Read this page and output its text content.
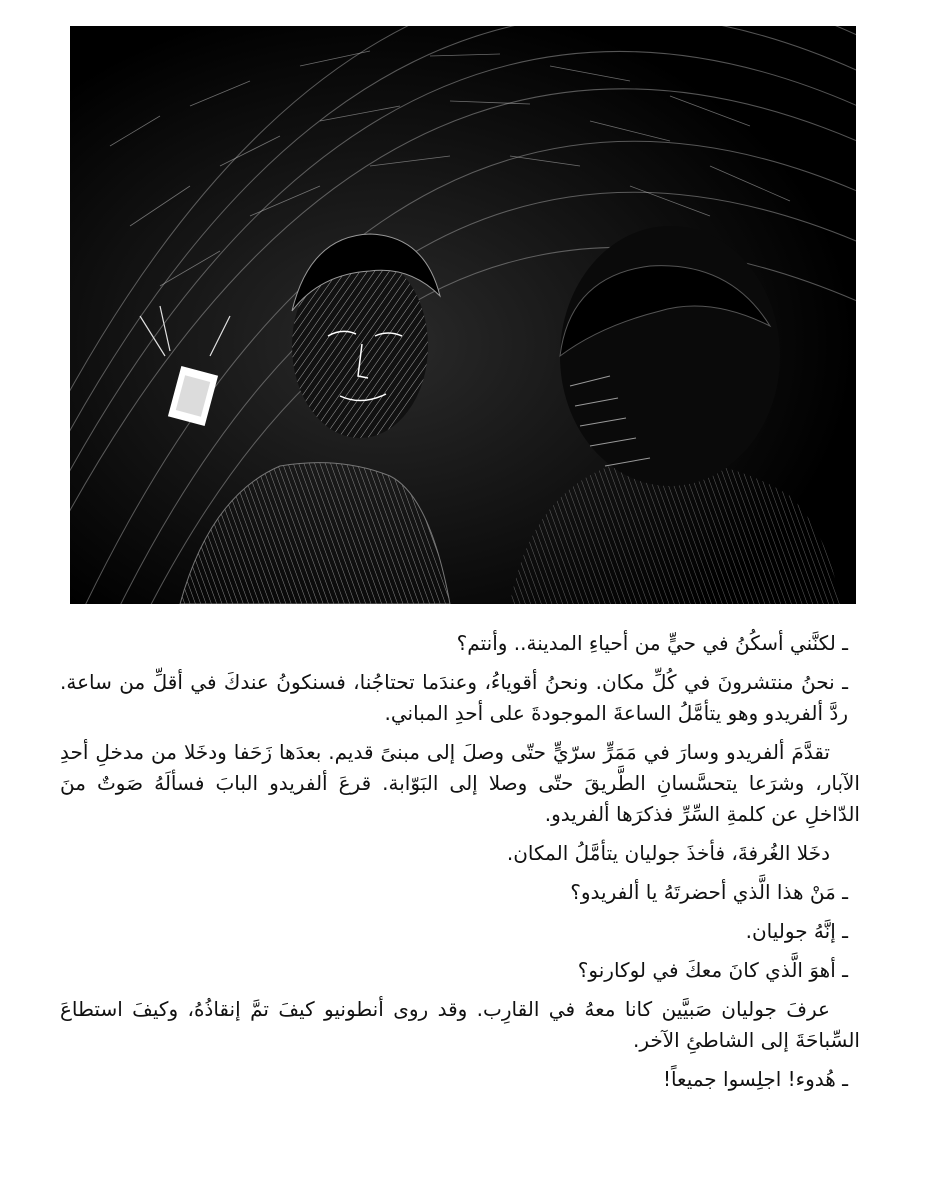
ـ لكنَّني أسكُنُ في حيٍّ من أحياءِ المدينة.. وأنتم؟

ـ نحنُ منتشرونَ في كُلِّ مكان. ونحنُ أقوياءُ، وعندَما تحتاجُنا، فسنكونُ عندكَ في أقلِّ من ساعة. ردَّ ألفريدو وهو يتأمَّلُ الساعةَ الموجودةَ على أحدِ المباني.

تقدَّمَ ألفريدو وسارَ في مَمَرٍّ سرّيٍّ حتّى وصلَ إلى مبنىً قديم. بعدَها زَحَفا ودخَلا من مدخلِ أحدِ الآبار، وشرَعا يتحسَّسانِ الطَّريقَ حتّى وصلا إلى البَوّابة. قرعَ ألفريدو البابَ فسألَهُ صَوتٌ منَ الدّاخلِ عن كلمةِ السِّرِّ فذكرَها ألفريدو.

دخَلا الغُرفةَ، فأخذَ جوليان يتأمَّلُ المكان.

ـ مَنْ هذا الَّذي أحضرتَهُ يا ألفريدو؟

ـ إنَّهُ جوليان.

ـ أهوَ الَّذي كانَ معكَ في لوكارنو؟

عرفَ جوليان صَبيَّين كانا معهُ في القارِب. وقد روى أنطونيو كيفَ تمَّ إنقاذُهُ، وكيفَ استطاعَ السِّباحَةَ إلى الشاطئِ الآخر.

ـ هُدوء! اجلِسوا جميعاً!
